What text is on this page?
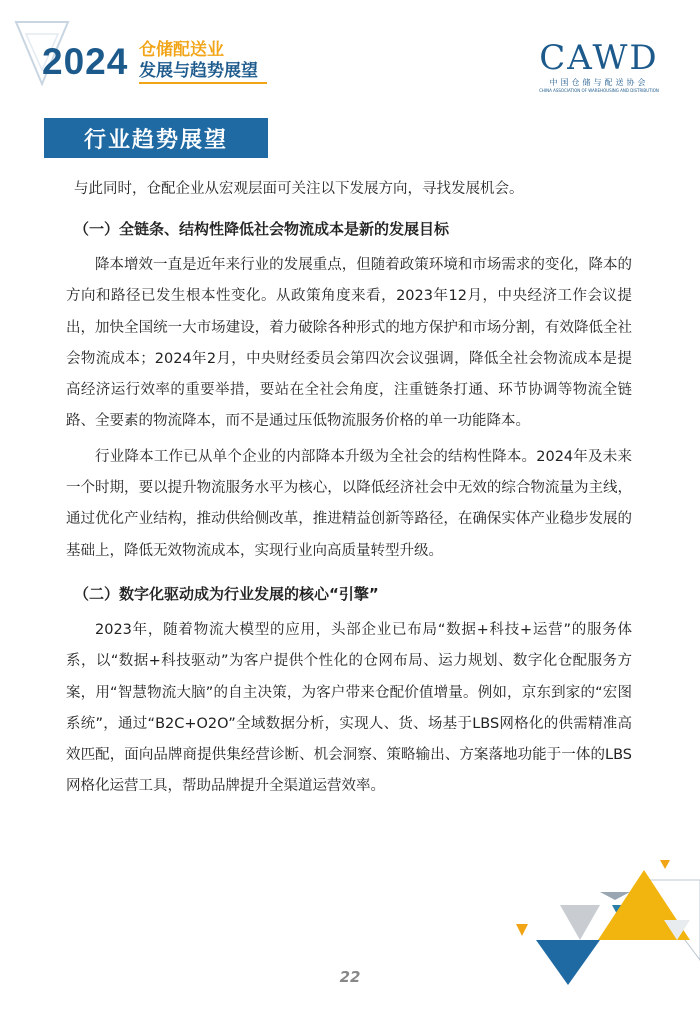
2024 仓储配送业
发展与趋势展望	CAWD
中国仓储与配送协会
CHINA ASSOCIATION OF WAREHOUSING AND DISTRIBUTION
行业趋势展望

与此同时，仓配企业从宏观层面可关注以下发展方向，寻找发展机会。

（一）全链条、结构性降低社会物流成本是新的发展目标

降本增效一直是近年来行业的发展重点，但随着政策环境和市场需求的变化，降本的方向和路径已发生根本性变化。从政策角度来看，2023年12月，中央经济工作会议提出，加快全国统一大市场建设，着力破除各种形式的地方保护和市场分割，有效降低全社会物流成本；2024年2月，中央财经委员会第四次会议强调，降低全社会物流成本是提高经济运行效率的重要举措，要站在全社会角度，注重链条打通、环节协调等物流全链路、全要素的物流降本，而不是通过压低物流服务价格的单一功能降本。

行业降本工作已从单个企业的内部降本升级为全社会的结构性降本。2024年及未来一个时期，要以提升物流服务水平为核心，以降低经济社会中无效的综合物流量为主线，通过优化产业结构，推动供给侧改革，推进精益创新等路径，在确保实体产业稳步发展的基础上，降低无效物流成本，实现行业向高质量转型升级。

（二）数字化驱动成为行业发展的核心“引擎”

2023年，随着物流大模型的应用，头部企业已布局“数据+科技+运营”的服务体系，以“数据+科技驱动”为客户提供个性化的仓网布局、运力规划、数字化仓配服务方案，用“智慧物流大脑”的自主决策，为客户带来仓配价值增量。例如，京东到家的“宏图系统”，通过“B2C+O2O”全域数据分析，实现人、货、场基于LBS网格化的供需精准高效匹配，面向品牌商提供集经营诊断、机会洞察、策略输出、方案落地功能于一体的LBS网格化运营工具，帮助品牌提升全渠道运营效率。

22
